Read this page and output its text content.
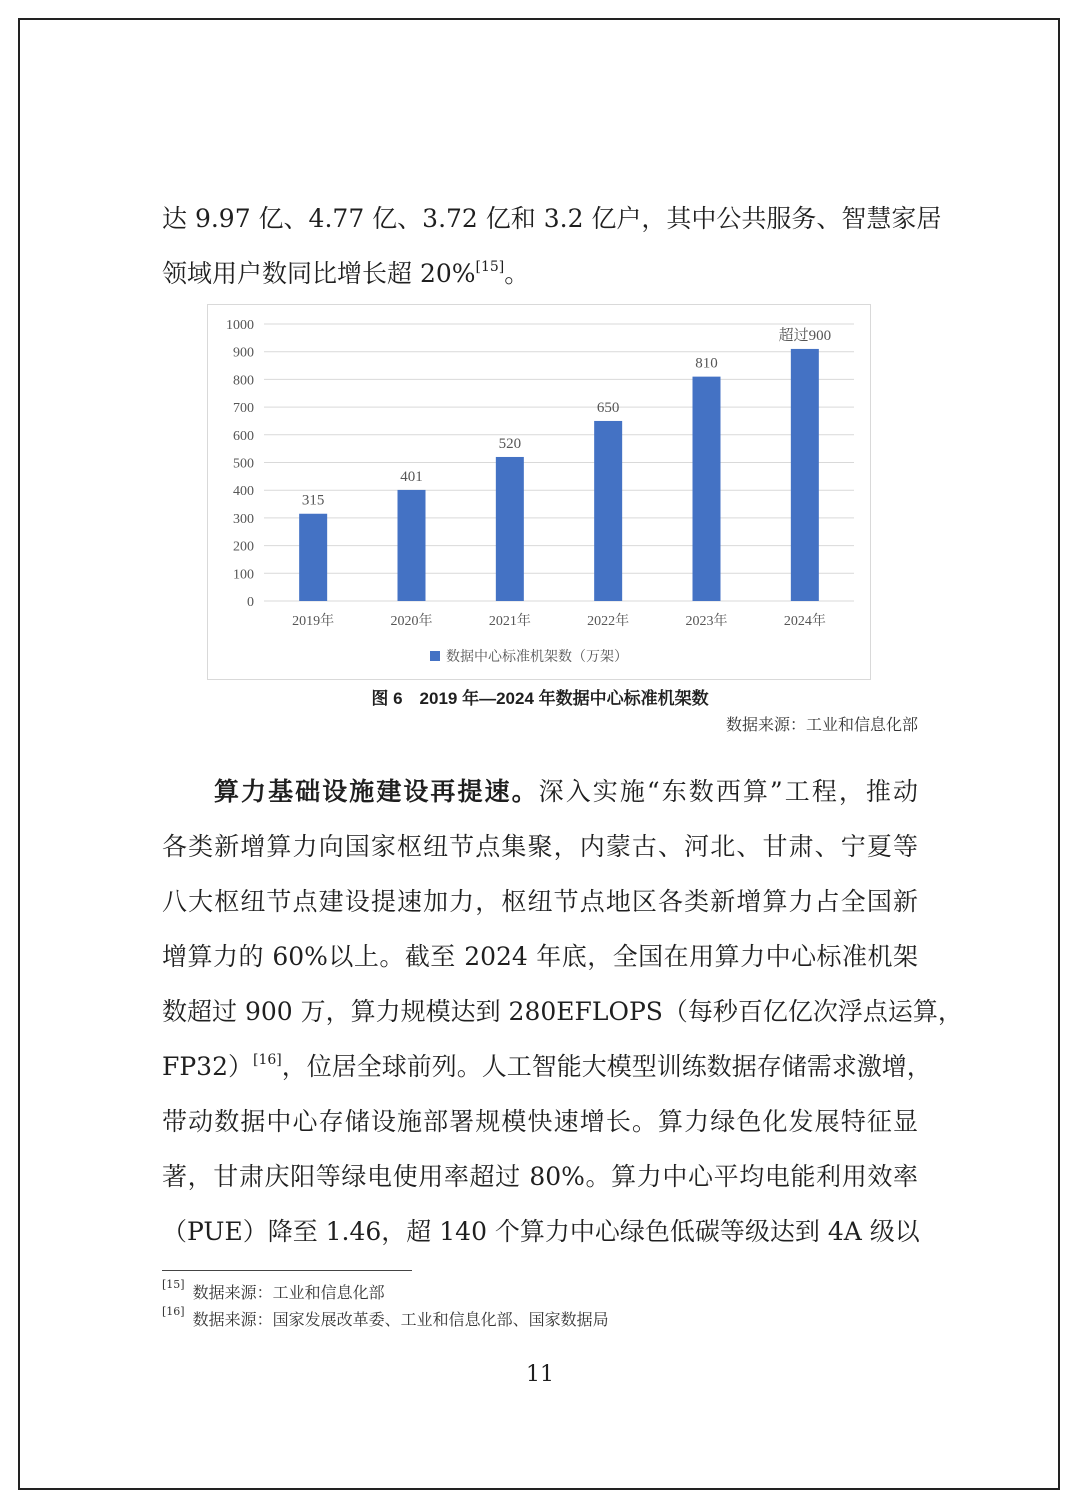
达 9.97 亿、4.77 亿、3.72 亿和 3.2 亿户，其中公共服务、智慧家居
领域用户数同比增长超 20%[15]。
0
100
200
300
400
500
600
700
800
900
1000
315
2019年
401
2020年
520
2021年
650
2022年
810
2023年
超过900
2024年
数据中心标准机架数（万架）
图 6　2019 年—2024 年数据中心标准机架数
数据来源：工业和信息化部
算力基础设施建设再提速。深入实施“东数西算”工程，推动
各类新增算力向国家枢纽节点集聚，内蒙古、河北、甘肃、宁夏等
八大枢纽节点建设提速加力，枢纽节点地区各类新增算力占全国新
增算力的 60%以上。截至 2024 年底，全国在用算力中心标准机架
数超过 900 万，算力规模达到 280EFLOPS（每秒百亿亿次浮点运算，
FP32）[16]，位居全球前列。人工智能大模型训练数据存储需求激增，
带动数据中心存储设施部署规模快速增长。算力绿色化发展特征显
著，甘肃庆阳等绿电使用率超过 80%。算力中心平均电能利用效率
（PUE）降至 1.46，超 140 个算力中心绿色低碳等级达到 4A 级以
[15] 数据来源：工业和信息化部
[16] 数据来源：国家发展改革委、工业和信息化部、国家数据局
11
